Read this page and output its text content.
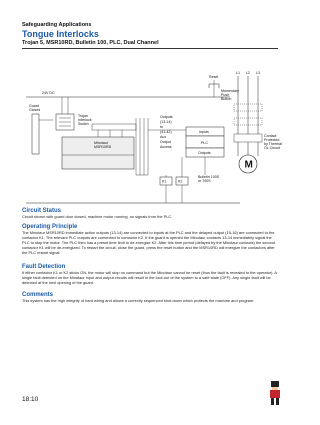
Safeguarding Applications
Tongue Interlocks
Trojan 5, MSR10RD, Bulletin 100, PLC, Dual Channel
24V DC
Guard
Closed
Trojan
Interlock
Switch
Minotaur
MSR10RD
Outputs
(13-14)
to
(41-42)
Aux
Output
Access
Reset
Momentary
Push
Button
L1 L2 L3
Contact
Protected
by Thermal
OL Circuit
M
Inputs
PLC
Outputs
K1	K2
Bulletin 100S
or 700S

Circuit Status

Circuit shown with guard door closed, machine motor running, no signals from the PLC.

Operating Principle

The Minotaur MSR10RD immediate action outputs (13-14) are connected to inputs at the PLC and the delayed output (15-16) are connected to the contactor K1. The relevant PLC outputs are connected to contactor K2. If the guard is opened the Minotaur contacts 13-14 immediately signal the PLC to stop the motor. The PLC then has a preset time limit to de-energize K2. After this time period (delayed by the Minotaur contacts) the second contactor K1 will be de-energized. To restart the circuit, close the guard, press the reset button and the MSR10RD will energize the contactors after the PLC restart signal.

Fault Detection

If either contactor K1 or K2 sticks ON, the motor will stop on command but the Minotaur cannot be reset (thus the fault is revealed to the operator). A single fault detected on the Minotaur input and output circuits will result in the lock-out of the system to a safe state (OFF). Any single fault will be detected at the next opening of the guard.

Comments

This system has the high integrity of hard wiring and allows a correctly sequenced shut-down which protects the machine and program.

18:10
